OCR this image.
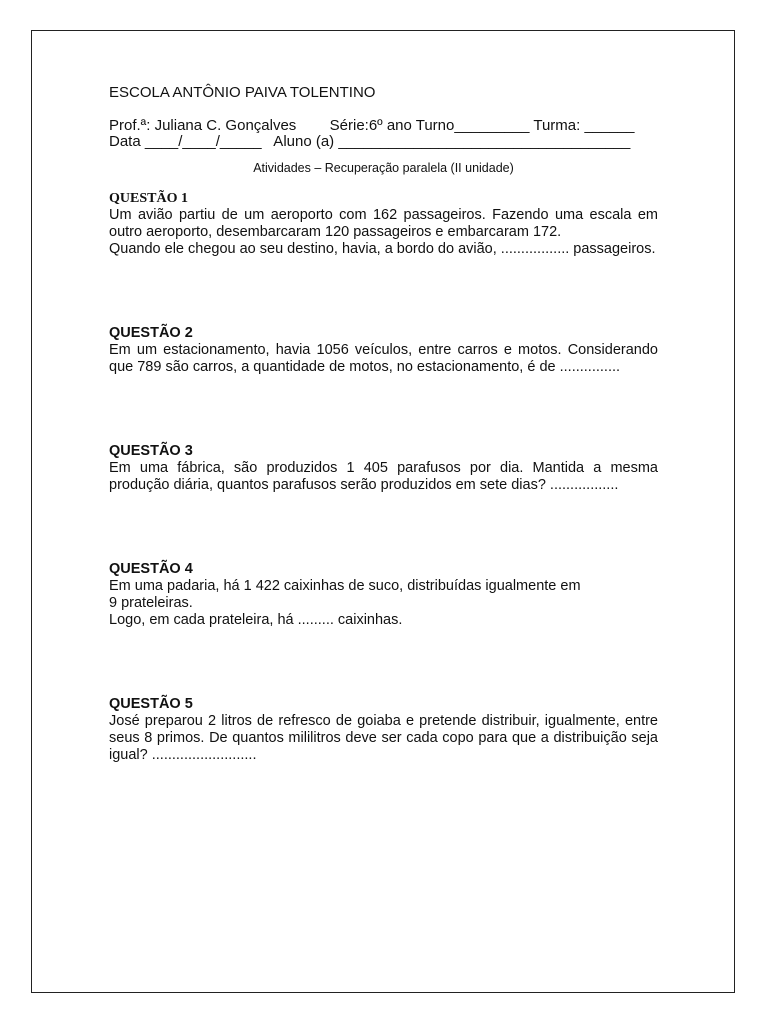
ESCOLA ANTÔNIO PAIVA TOLENTINO

Prof.ª: Juliana C. Gonçalves        Série:6º ano Turno_________ Turma: ______
Data ____/____/_____   Aluno (a) ___________________________________
Atividades – Recuperação paralela (II unidade)
QUESTÃO 1
Um avião partiu de um aeroporto com 162 passageiros. Fazendo uma escala em outro aeroporto, desembarcaram 120 passageiros e embarcaram 172.
Quando ele chegou ao seu destino, havia, a bordo do avião, ................. passageiros.
QUESTÃO 2
Em um estacionamento, havia 1056 veículos, entre carros e motos. Considerando que 789 são carros, a quantidade de motos, no estacionamento, é de ...............
QUESTÃO 3
Em uma fábrica, são produzidos 1 405 parafusos por dia. Mantida a mesma produção diária, quantos parafusos serão produzidos em sete dias? .................
QUESTÃO 4
Em uma padaria, há 1 422 caixinhas de suco, distribuídas igualmente em
9 prateleiras.
Logo, em cada prateleira, há ......... caixinhas.
QUESTÃO 5
José preparou 2 litros de refresco de goiaba e pretende distribuir, igualmente, entre seus 8 primos. De quantos mililitros deve ser cada copo para que a distribuição seja igual? ..........................
